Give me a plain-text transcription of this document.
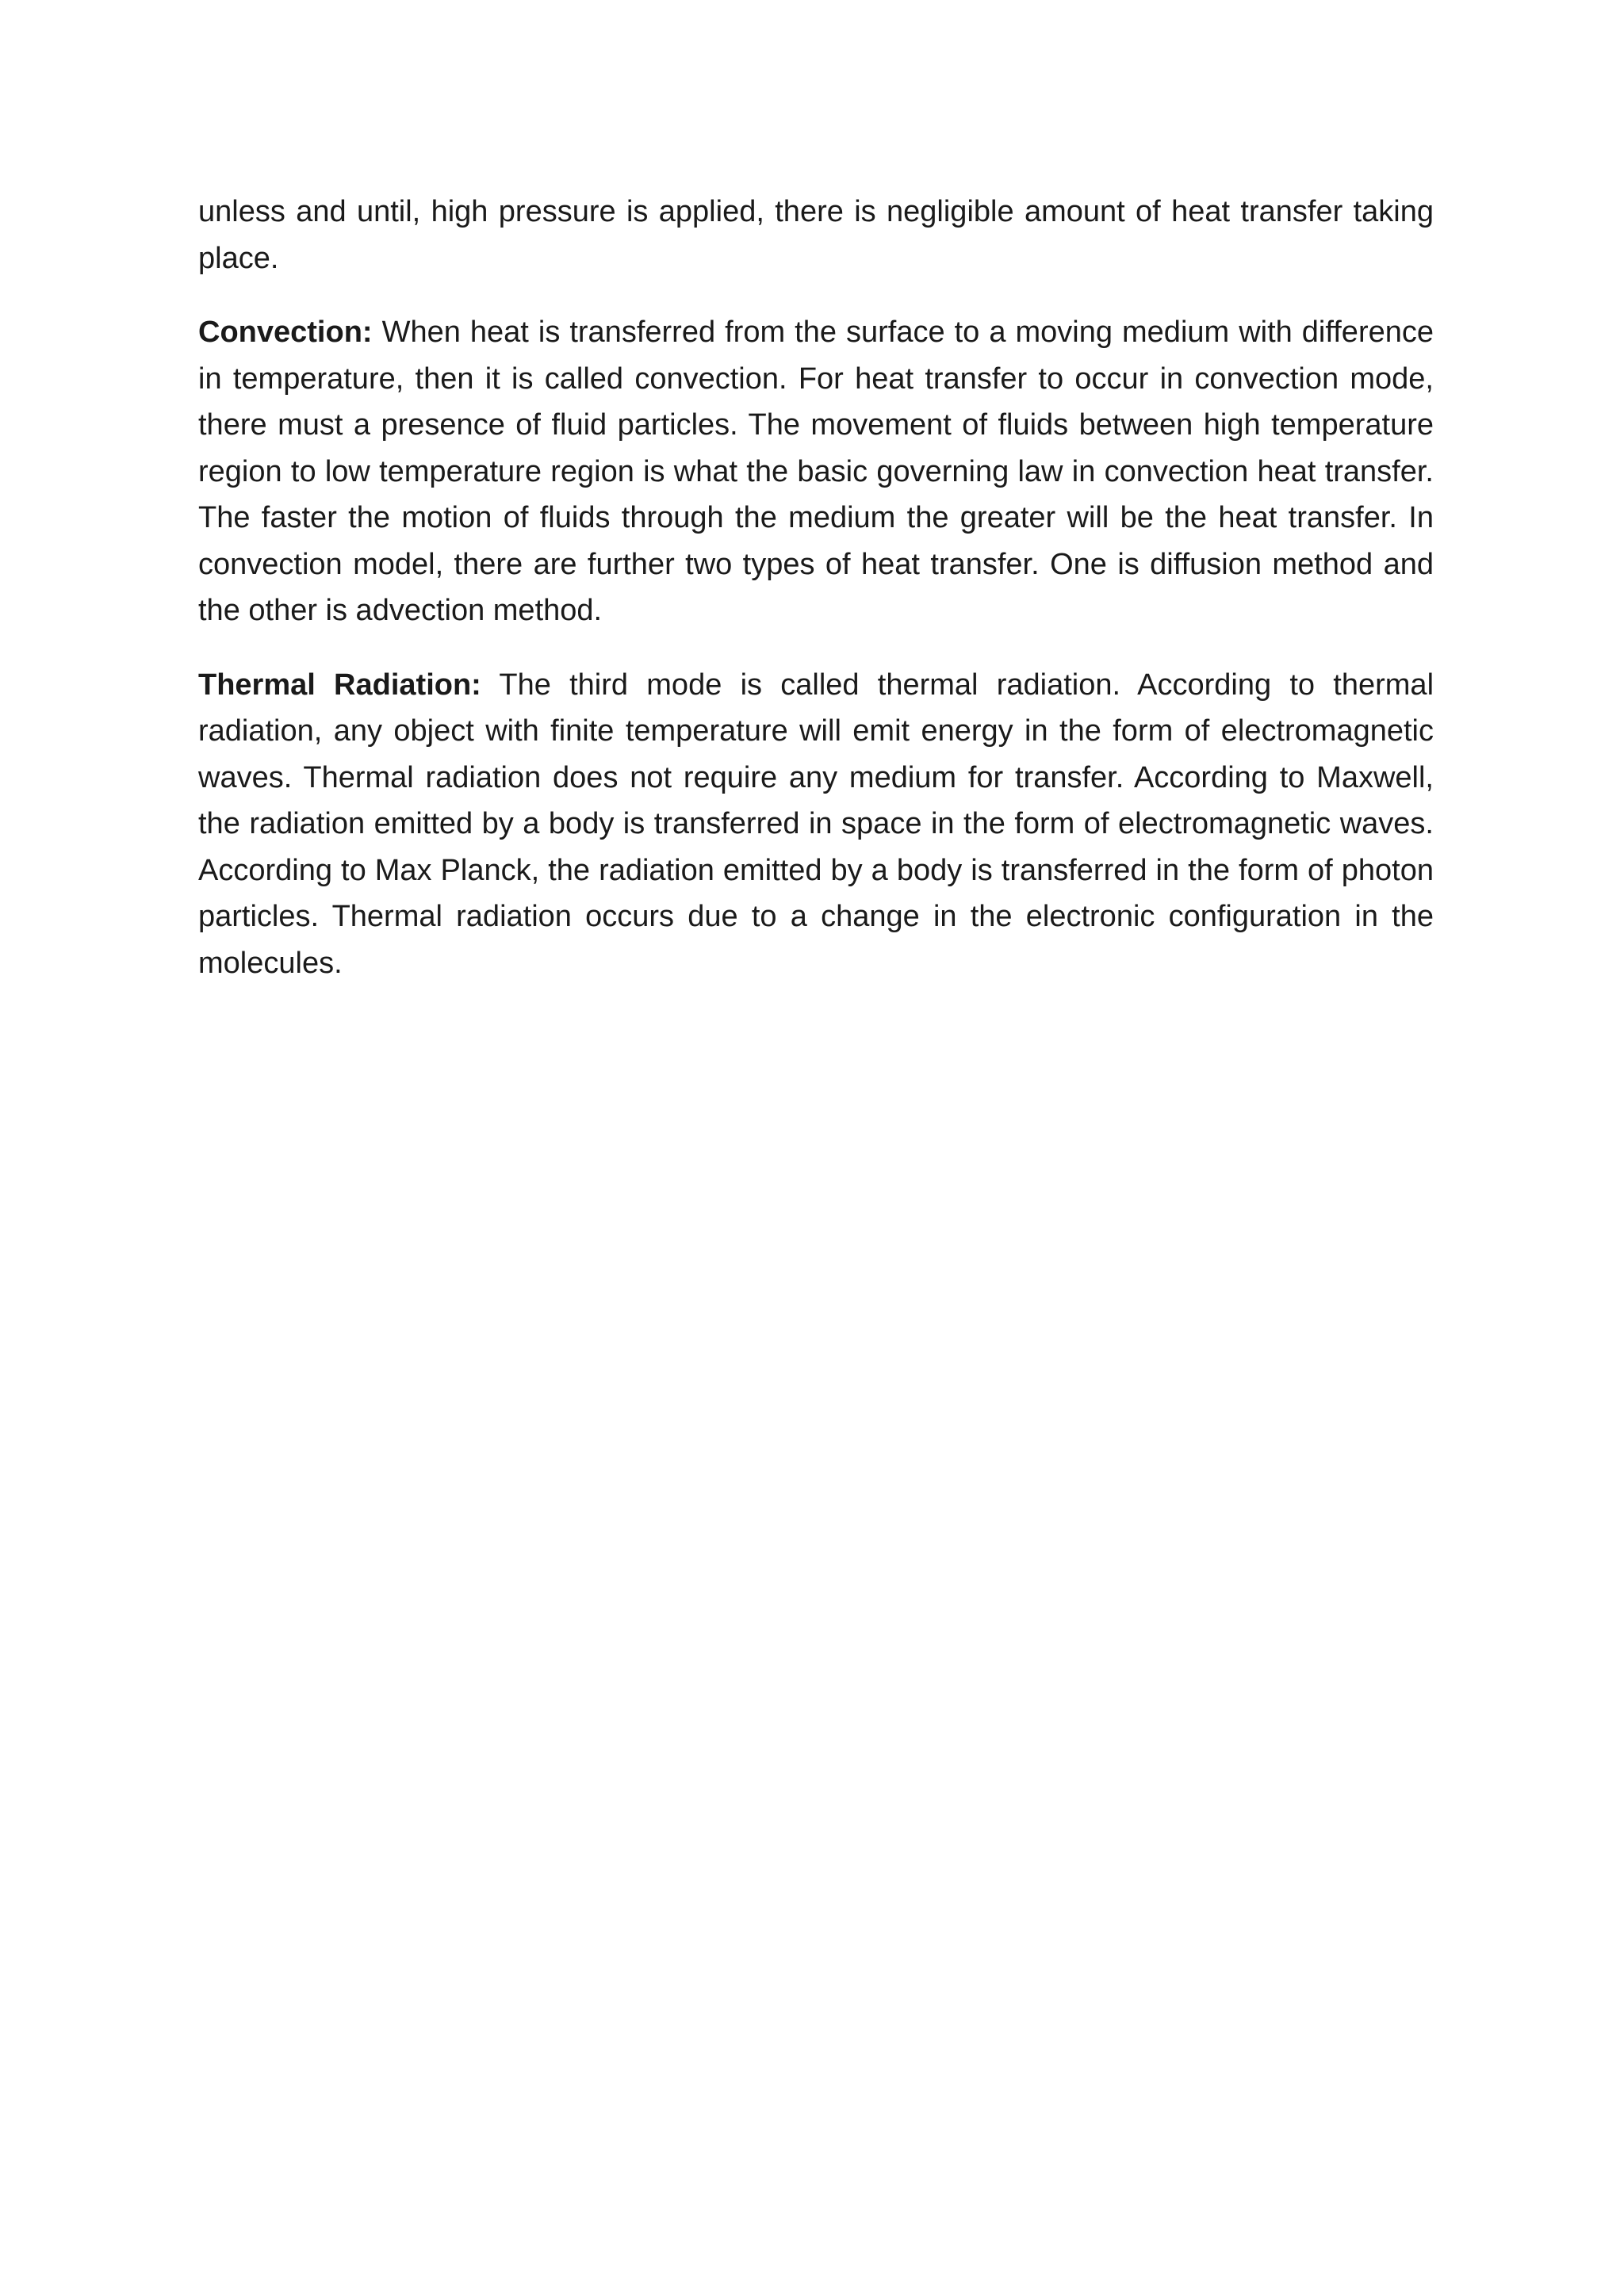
unless and until, high pressure is applied, there is negligible amount of heat transfer taking place.

Convection: When heat is transferred from the surface to a moving medium with difference in temperature, then it is called convection. For heat transfer to occur in convection mode, there must a presence of fluid particles. The movement of fluids between high temperature region to low temperature region is what the basic governing law in convection heat transfer. The faster the motion of fluids through the medium the greater will be the heat transfer. In convection model, there are further two types of heat transfer. One is diffusion method and the other is advection method.

Thermal Radiation: The third mode is called thermal radiation. According to thermal radiation, any object with finite temperature will emit energy in the form of electromagnetic waves. Thermal radiation does not require any medium for transfer. According to Maxwell, the radiation emitted by a body is transferred in space in the form of electromagnetic waves. According to Max Planck, the radiation emitted by a body is transferred in the form of photon particles. Thermal radiation occurs due to a change in the electronic configuration in the molecules.
